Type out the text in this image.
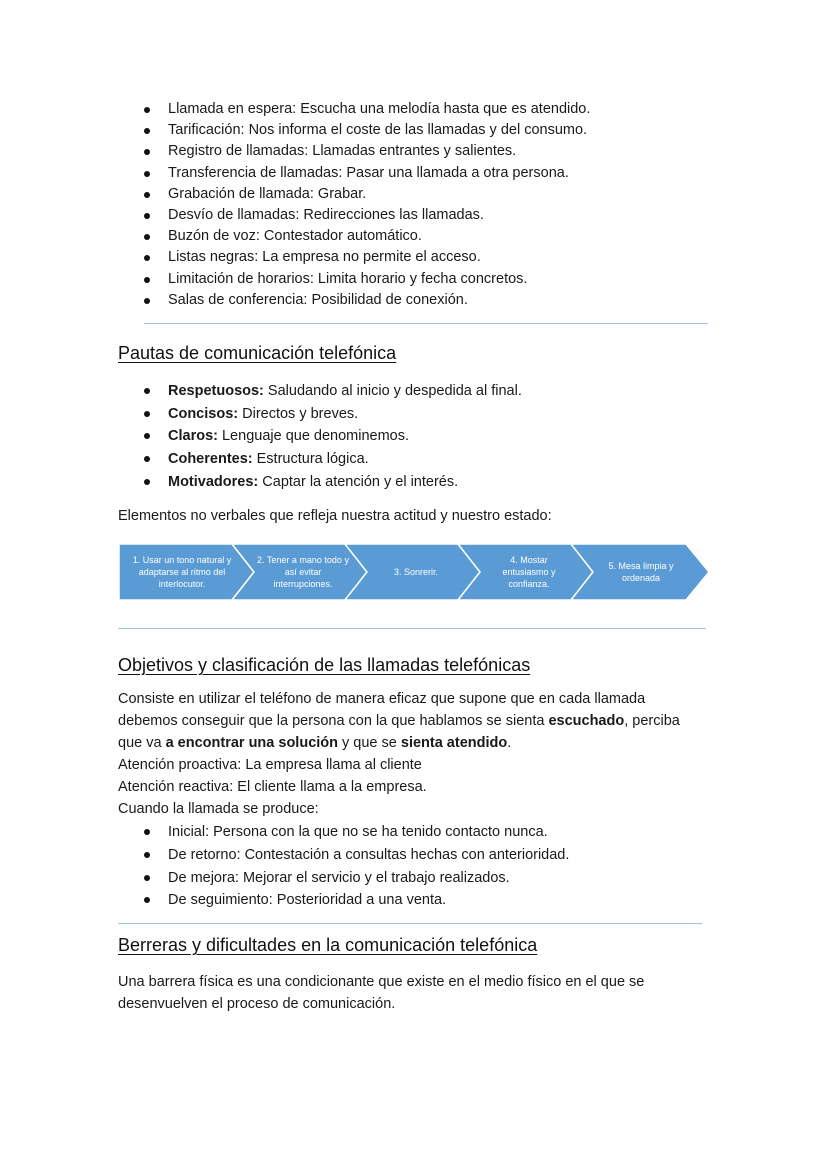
Llamada en espera: Escucha una melodía hasta que es atendido.
Tarificación: Nos informa el coste de las llamadas y del consumo.
Registro de llamadas: Llamadas entrantes y salientes.
Transferencia de llamadas: Pasar una llamada a otra persona.
Grabación de llamada: Grabar.
Desvío de llamadas: Redirecciones las llamadas.
Buzón de voz: Contestador automático.
Listas negras: La empresa no permite el acceso.
Limitación de horarios: Limita horario y fecha concretos.
Salas de conferencia: Posibilidad de conexión.
Pautas de comunicación telefónica
Respetuosos: Saludando al inicio y despedida al final.
Concisos: Directos y breves.
Claros: Lenguaje que denominemos.
Coherentes: Estructura lógica.
Motivadores: Captar la atención y el interés.
Elementos no verbales que refleja nuestra actitud y nuestro estado:
1. Usar un tono natural y adaptarse al ritmo del interlocutor.
2. Tener a mano todo y así evitar interrupciones.
3. Sonrerir.
4. Mostar entusiasmo y confianza.
5. Mesa limpia y ordenada
Objetivos y clasificación de las llamadas telefónicas
Consiste en utilizar el teléfono de manera eficaz que supone que en cada llamada
debemos conseguir que la persona con la que hablamos se sienta escuchado, perciba
que va a encontrar una solución y que se sienta atendido.
Atención proactiva: La empresa llama al cliente
Atención reactiva: El cliente llama a la empresa.
Cuando la llamada se produce:
Inicial: Persona con la que no se ha tenido contacto nunca.
De retorno: Contestación a consultas hechas con anterioridad.
De mejora: Mejorar el servicio y el trabajo realizados.
De seguimiento: Posterioridad a una venta.
Berreras y dificultades en la comunicación telefónica
Una barrera física es una condicionante que existe en el medio físico en el que se
desenvuelven el proceso de comunicación.
